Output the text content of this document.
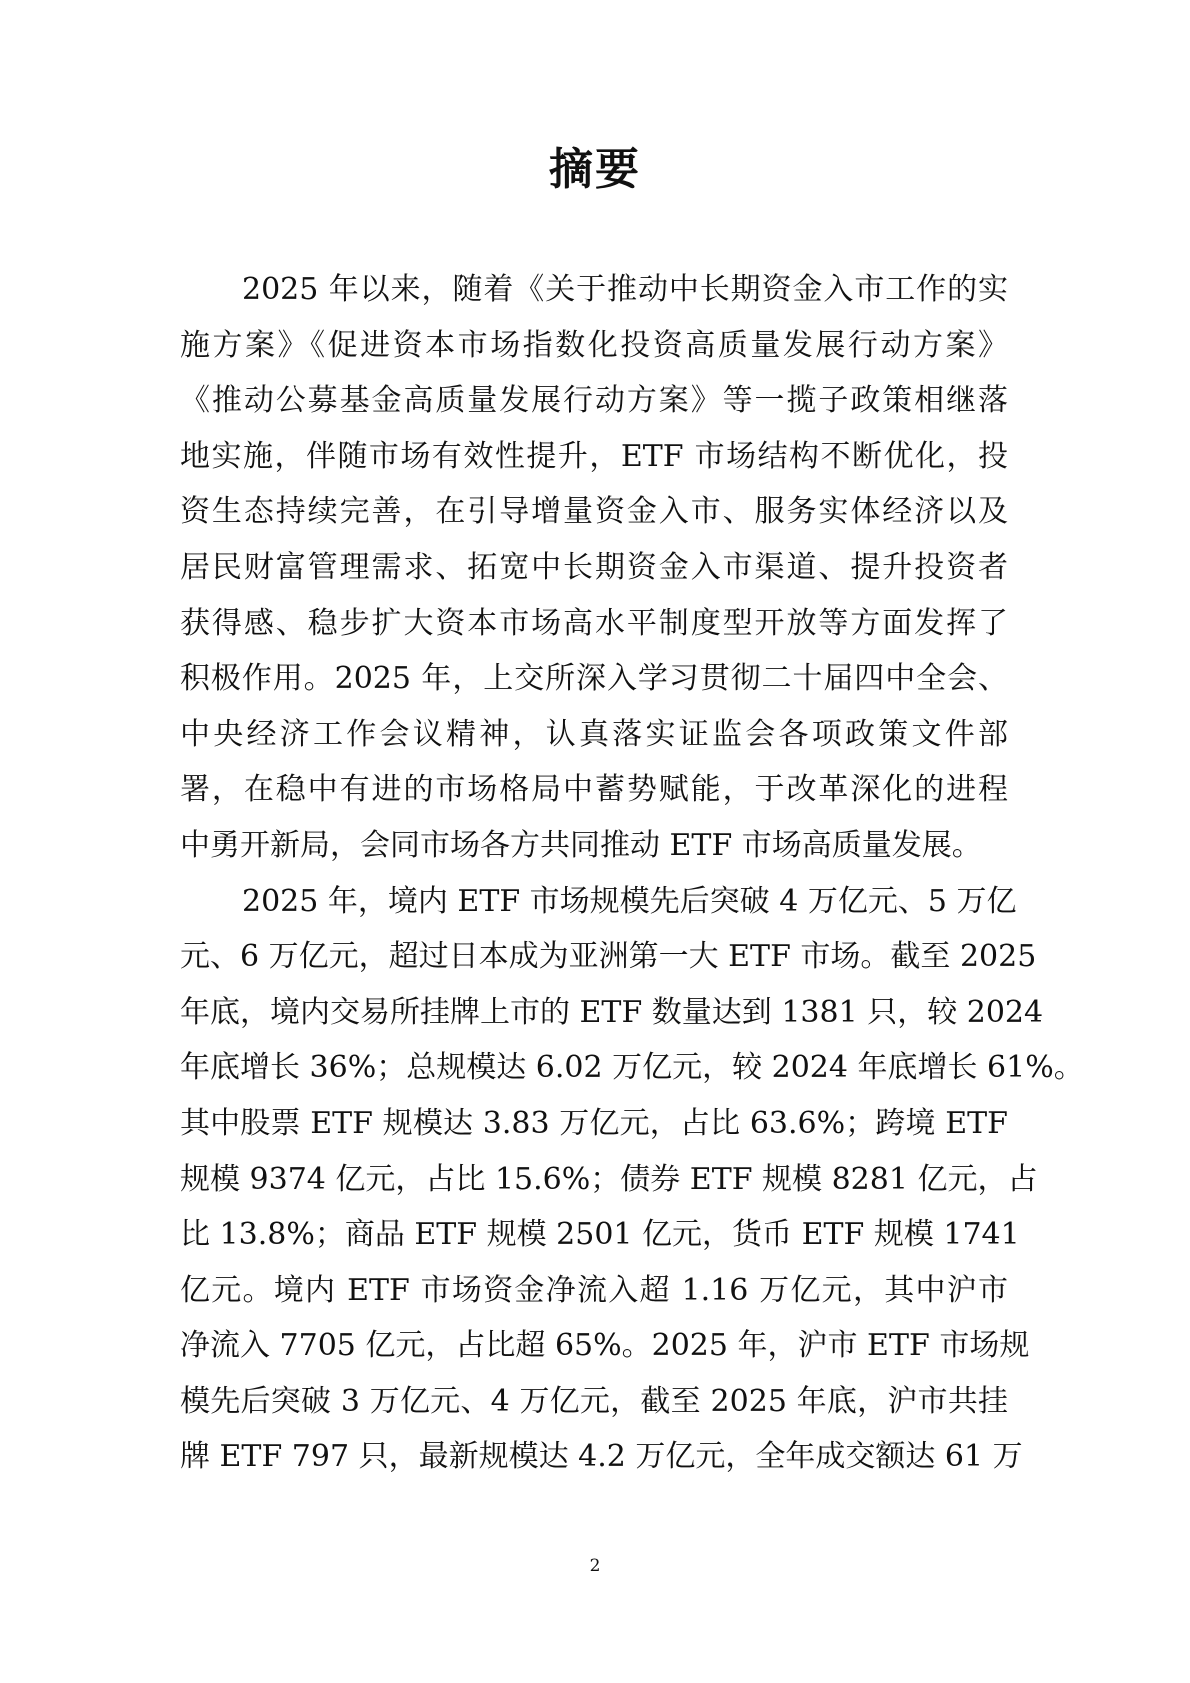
摘要
2025 年以来，随着《关于推动中长期资金入市工作的实
施方案》《促进资本市场指数化投资高质量发展行动方案》
《推动公募基金高质量发展行动方案》等一揽子政策相继落
地实施，伴随市场有效性提升，ETF 市场结构不断优化，投
资生态持续完善，在引导增量资金入市、服务实体经济以及
居民财富管理需求、拓宽中长期资金入市渠道、提升投资者
获得感、稳步扩大资本市场高水平制度型开放等方面发挥了
积极作用。2025 年，上交所深入学习贯彻二十届四中全会、
中央经济工作会议精神，认真落实证监会各项政策文件部
署，在稳中有进的市场格局中蓄势赋能，于改革深化的进程
中勇开新局，会同市场各方共同推动 ETF 市场高质量发展。
2025 年，境内 ETF 市场规模先后突破 4 万亿元、5 万亿
元、6 万亿元，超过日本成为亚洲第一大 ETF 市场。截至 2025
年底，境内交易所挂牌上市的 ETF 数量达到 1381 只，较 2024
年底增长 36%；总规模达 6.02 万亿元，较 2024 年底增长 61%。
其中股票 ETF 规模达 3.83 万亿元，占比 63.6%；跨境 ETF
规模 9374 亿元，占比 15.6%；债券 ETF 规模 8281 亿元，占
比 13.8%；商品 ETF 规模 2501 亿元，货币 ETF 规模 1741
亿元。境内 ETF 市场资金净流入超 1.16 万亿元，其中沪市
净流入 7705 亿元，占比超 65%。2025 年，沪市 ETF 市场规
模先后突破 3 万亿元、4 万亿元，截至 2025 年底，沪市共挂
牌 ETF 797 只，最新规模达 4.2 万亿元，全年成交额达 61 万
2
